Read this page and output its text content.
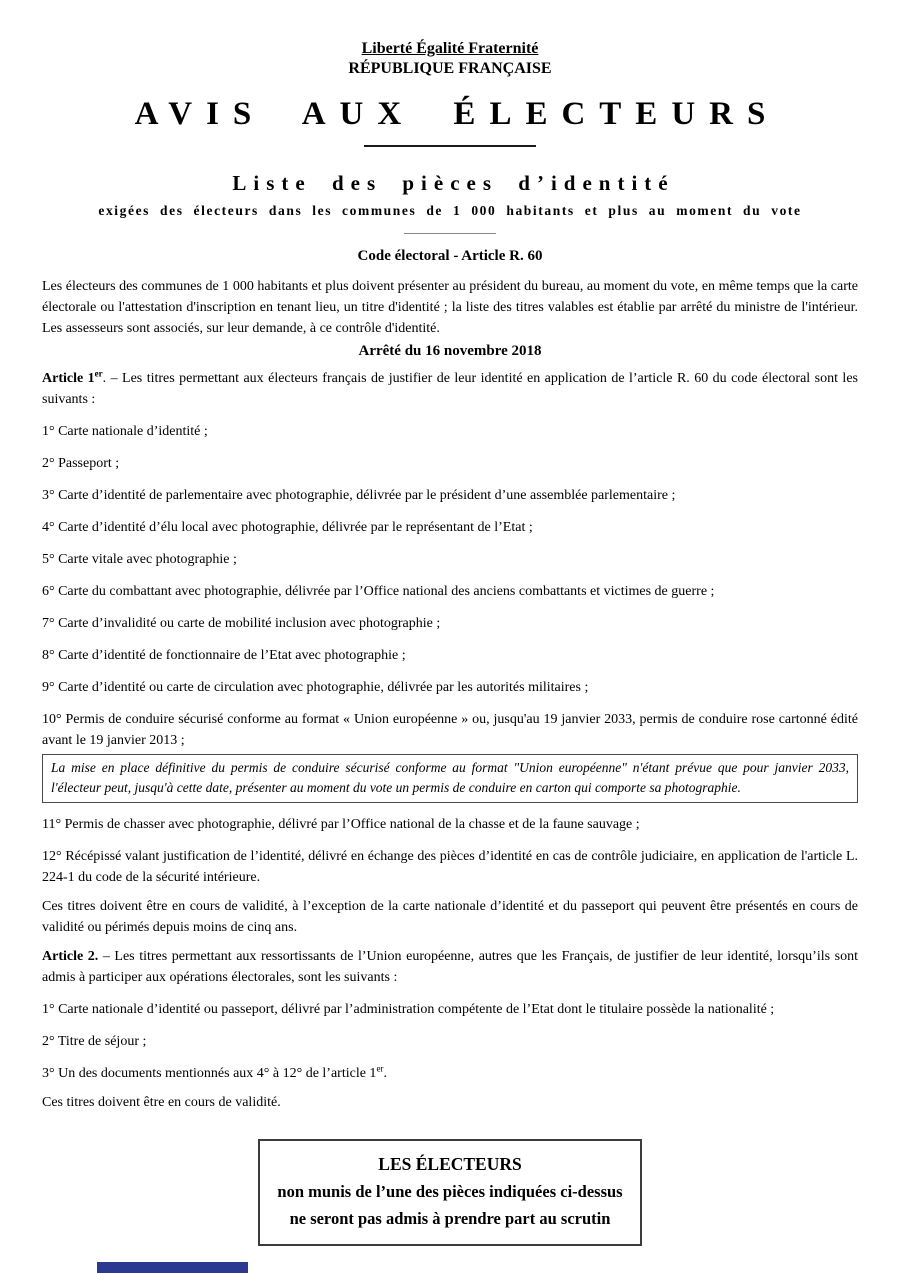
Liberté Égalité Fraternité
RÉPUBLIQUE FRANÇAISE
AVIS AUX ÉLECTEURS
Liste des pièces d’identité
exigées des électeurs dans les communes de 1 000 habitants et plus au moment du vote
Code électoral - Article R. 60

Les électeurs des communes de 1 000 habitants et plus doivent présenter au président du bureau, au moment du vote, en même temps que la carte électorale ou l'attestation d'inscription en tenant lieu, un titre d'identité ; la liste des titres valables est établie par arrêté du ministre de l'intérieur. Les assesseurs sont associés, sur leur demande, à ce contrôle d'identité.

Arrêté du 16 novembre 2018

Article 1er. – Les titres permettant aux électeurs français de justifier de leur identité en application de l’article R. 60 du code électoral sont les suivants :

1° Carte nationale d’identité ;

2° Passeport ;

3° Carte d’identité de parlementaire avec photographie, délivrée par le président d’une assemblée parlementaire ;

4° Carte d’identité d’élu local avec photographie, délivrée par le représentant de l’Etat ;

5° Carte vitale avec photographie ;

6° Carte du combattant avec photographie, délivrée par l’Office national des anciens combattants et victimes de guerre ;

7° Carte d’invalidité ou carte de mobilité inclusion avec photographie ;

8° Carte d’identité de fonctionnaire de l’Etat avec photographie ;

9° Carte d’identité ou carte de circulation avec photographie, délivrée par les autorités militaires ;

10° Permis de conduire sécurisé conforme au format « Union européenne » ou, jusqu'au 19 janvier 2033, permis de conduire rose cartonné édité avant le 19 janvier 2013 ;

La mise en place définitive du permis de conduire sécurisé conforme au format "Union européenne" n'étant prévue que pour janvier 2033, l'électeur peut, jusqu'à cette date, présenter au moment du vote un permis de conduire en carton qui comporte sa photographie.

11° Permis de chasser avec photographie, délivré par l’Office national de la chasse et de la faune sauvage ;

12° Récépissé valant justification de l’identité, délivré en échange des pièces d’identité en cas de contrôle judiciaire, en application de l'article L. 224-1 du code de la sécurité intérieure.

Ces titres doivent être en cours de validité, à l’exception de la carte nationale d’identité et du passeport qui peuvent être présentés en cours de validité ou périmés depuis moins de cinq ans.

Article 2. – Les titres permettant aux ressortissants de l’Union européenne, autres que les Français, de justifier de leur identité, lorsqu’ils sont admis à participer aux opérations électorales, sont les suivants :

1° Carte nationale d’identité ou passeport, délivré par l’administration compétente de l’Etat dont le titulaire possède la nationalité ;

2° Titre de séjour ;

3° Un des documents mentionnés aux 4° à 12° de l’article 1er.

Ces titres doivent être en cours de validité.

LES ÉLECTEURS
non munis de l’une des pièces indiquées ci-dessus
ne seront pas admis à prendre part au scrutin
